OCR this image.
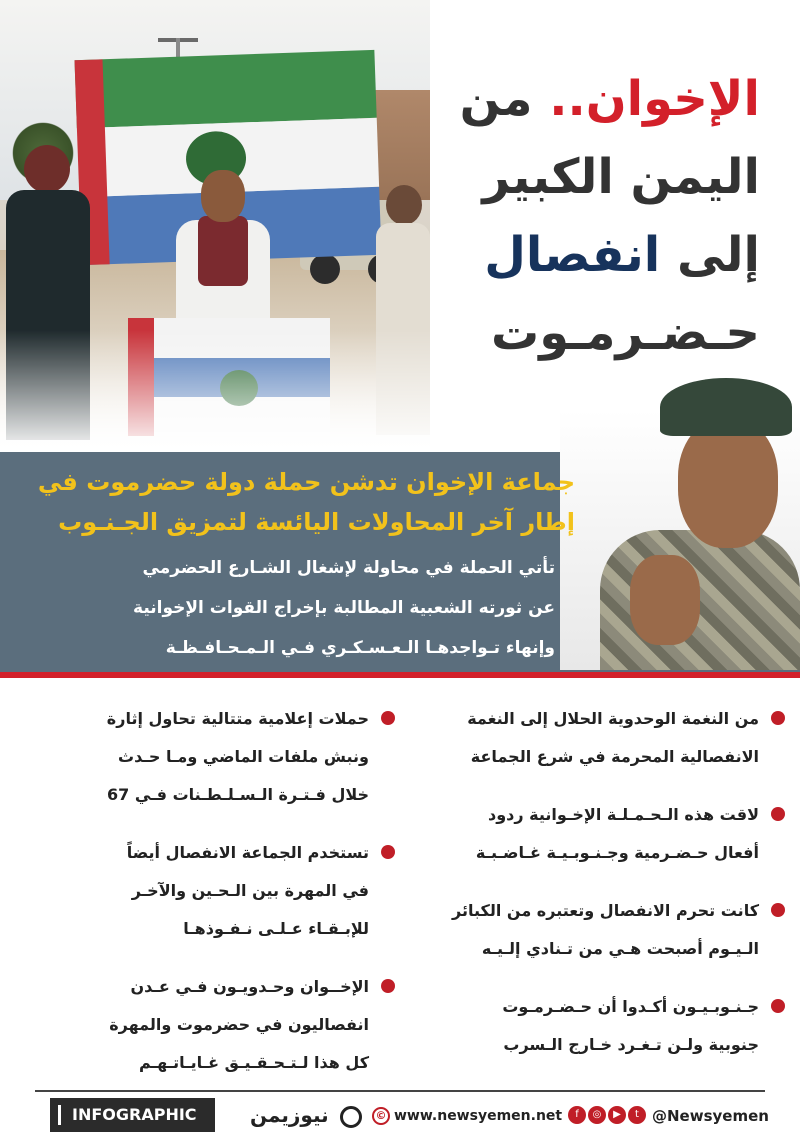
الإخوان.. من
اليمن الكبير
إلى انفصال
حـضـرمـوت
جماعة الإخوان تدشن حملة دولة حضرموت في
إطار آخر المحاولات اليائسة لتمزيق الجـنـوب
تأتي الحملة في محاولة لإشغال الشـارع الحضرمي
عن ثورته الشعبية المطالبة بإخراج القوات الإخوانية
وإنهاء تـواجدهـا الـعـسـكـري فـي الـمـحـافـظـة
من النغمة الوحدوية الحلال إلى النغمة
الانفصالية المحرمة في شرع الجماعة
لاقت هذه الـحـمـلـة الإخـوانية ردود
أفعال حـضـرمية وجـنـوبـيـة غـاضـبـة
كانت تحرم الانفصال وتعتبره من الكبائر
الـيـوم أصبحت هـي من تـنادي إلـيـه
جـنـوبـيـون أكـدوا أن حـضـرمـوت
جنوبية ولـن تـغـرد خـارج الـسرب
حملات إعلامية متتالية تحاول إثارة
ونبش ملفات الماضي ومـا حـدث
خلال فـتـرة الـسـلـطـنات فـي 67
تستخدم الجماعة الانفصال أيضاً
في المهرة بين الـحـين والآخـر
للإبـقـاء عـلـى نـفـوذهـا
الإخــوان وحـدويـون فـي عـدن
انفصاليون في حضرموت والمهرة
كل هذا لـتـحـقـيـق غـايـاتـهـم
INFOGRAPHIC	نيوزيمن	© www.newsyemen.net	f ◎ ▶ t @Newsyemen
